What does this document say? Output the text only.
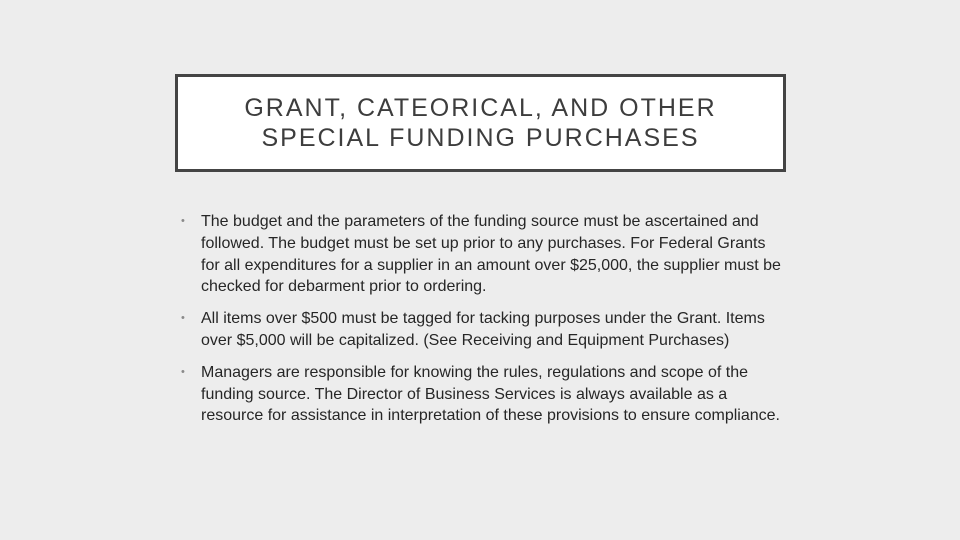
GRANT, CATEORICAL, AND OTHER
SPECIAL FUNDING PURCHASES
• The budget and the parameters of the funding source must be ascertained and followed. The budget must be set up prior to any purchases. For Federal Grants for all expenditures for a supplier in an amount over $25,000, the supplier must be checked for debarment prior to ordering.
• All items over $500 must be tagged for tacking purposes under the Grant. Items over $5,000 will be capitalized. (See Receiving and Equipment Purchases)
• Managers are responsible for knowing the rules, regulations and scope of the funding source. The Director of Business Services is always available as a resource for assistance in interpretation of these provisions to ensure compliance.
